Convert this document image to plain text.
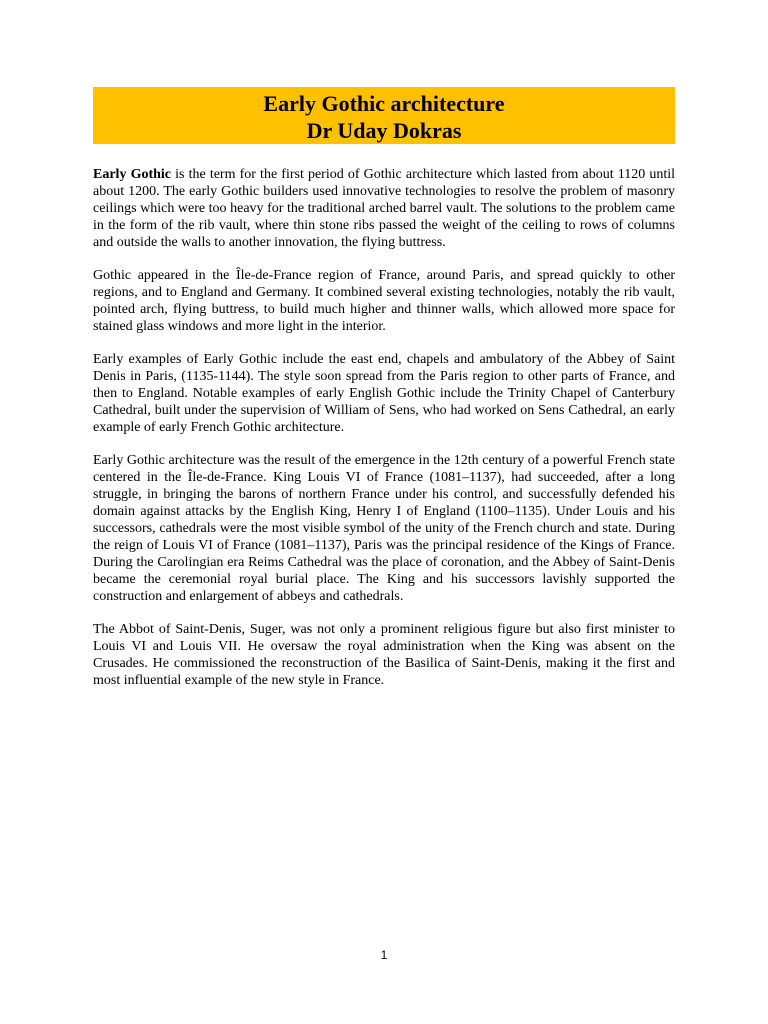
Early Gothic architecture
Dr Uday Dokras

Early Gothic is the term for the first period of Gothic architecture which lasted from about 1120 until about 1200. The early Gothic builders used innovative technologies to resolve the problem of masonry ceilings which were too heavy for the traditional arched barrel vault. The solutions to the problem came in the form of the rib vault, where thin stone ribs passed the weight of the ceiling to rows of columns and outside the walls to another innovation, the flying buttress.

Gothic appeared in the Île-de-France region of France, around Paris, and spread quickly to other regions, and to England and Germany. It combined several existing technologies, notably the rib vault, pointed arch, flying buttress, to build much higher and thinner walls, which allowed more space for stained glass windows and more light in the interior.

Early examples of Early Gothic include the east end, chapels and ambulatory of the Abbey of Saint Denis in Paris, (1135-1144). The style soon spread from the Paris region to other parts of France, and then to England. Notable examples of early English Gothic include the Trinity Chapel of Canterbury Cathedral, built under the supervision of William of Sens, who had worked on Sens Cathedral, an early example of early French Gothic architecture.

Early Gothic architecture was the result of the emergence in the 12th century of a powerful French state centered in the Île-de-France. King Louis VI of France (1081–1137), had succeeded, after a long struggle, in bringing the barons of northern France under his control, and successfully defended his domain against attacks by the English King, Henry I of England (1100–1135). Under Louis and his successors, cathedrals were the most visible symbol of the unity of the French church and state. During the reign of Louis VI of France (1081–1137), Paris was the principal residence of the Kings of France. During the Carolingian era Reims Cathedral was the place of coronation, and the Abbey of Saint-Denis became the ceremonial royal burial place. The King and his successors lavishly supported the construction and enlargement of abbeys and cathedrals.

The Abbot of Saint-Denis, Suger, was not only a prominent religious figure but also first minister to Louis VI and Louis VII. He oversaw the royal administration when the King was absent on the Crusades. He commissioned the reconstruction of the Basilica of Saint-Denis, making it the first and most influential example of the new style in France.

1
